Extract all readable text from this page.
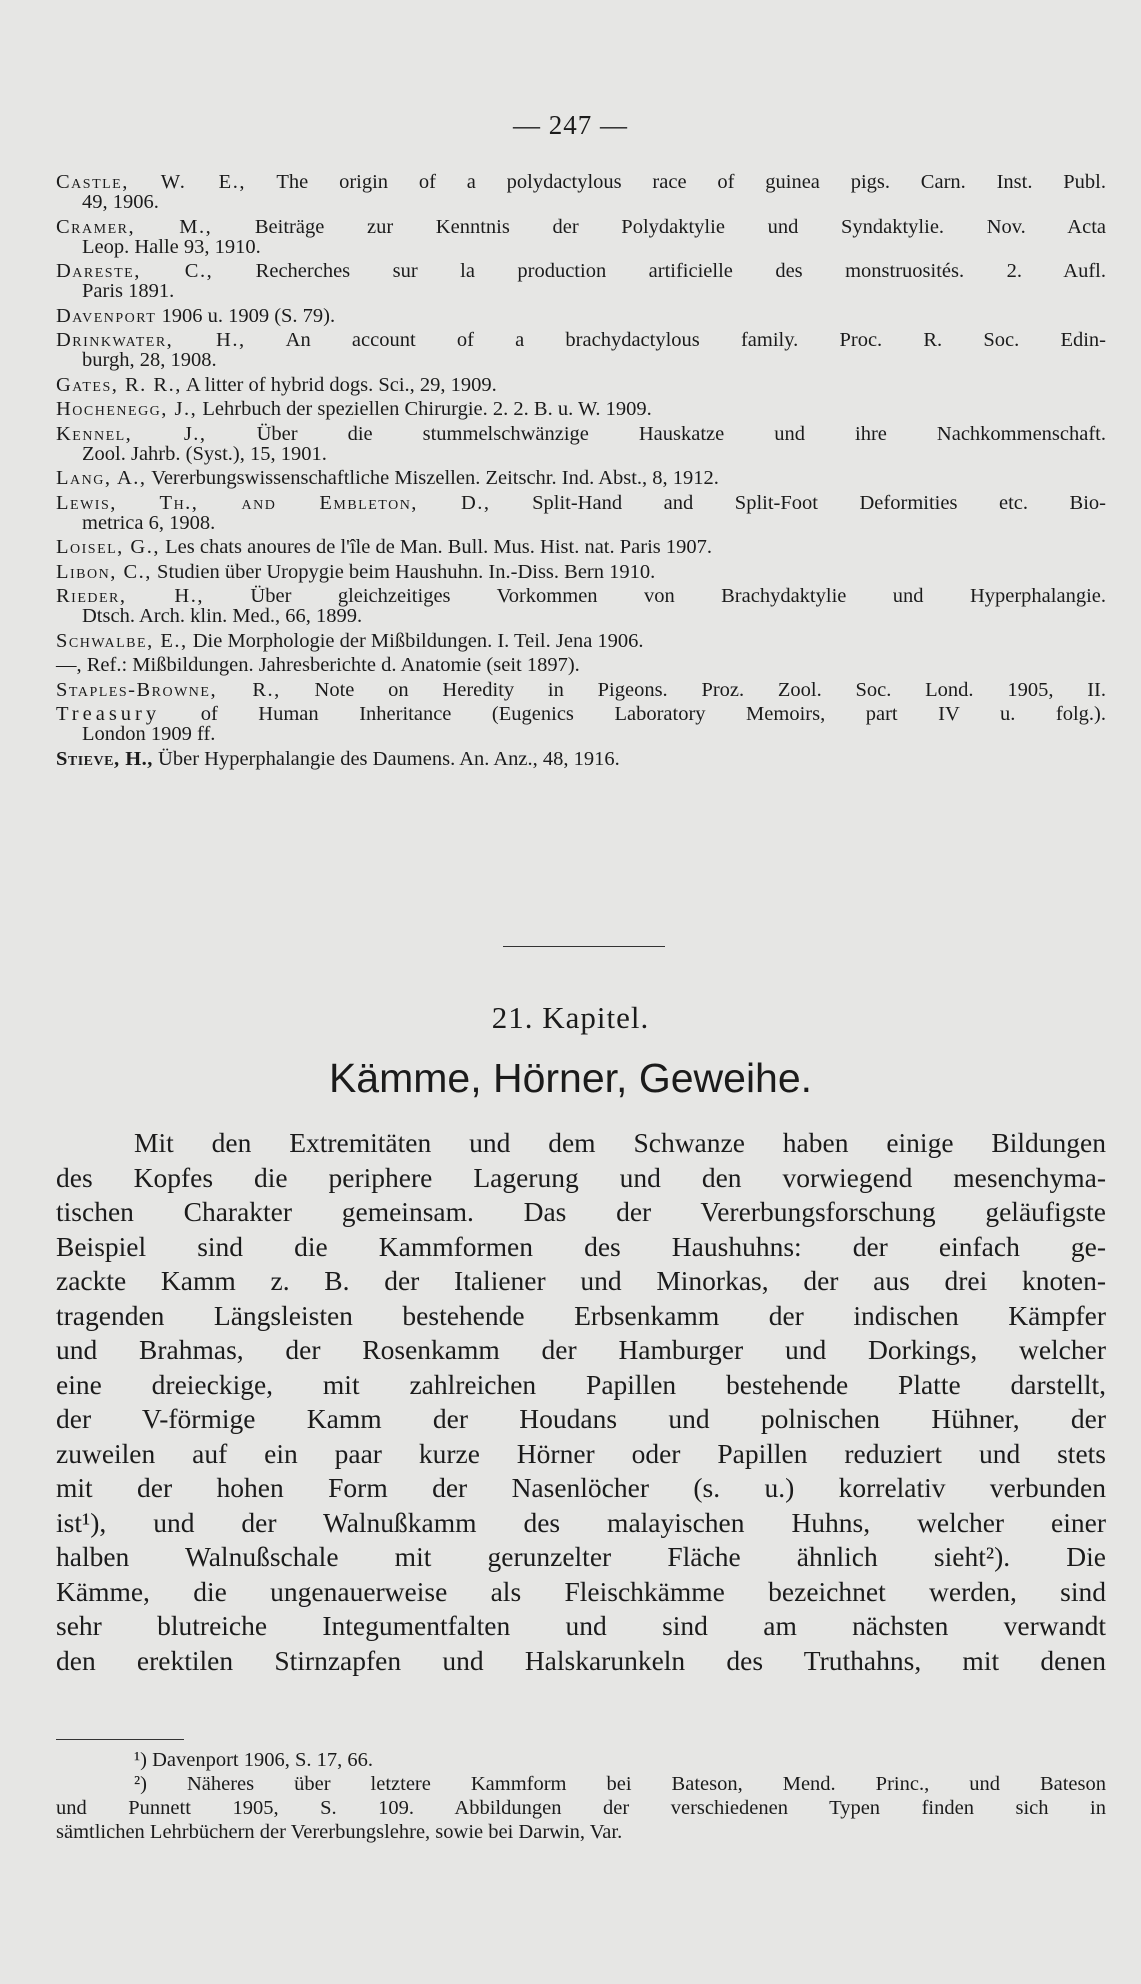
— 247 —
Castle, W. E., The origin of a polydactylous race of guinea pigs. Carn. Inst. Publ.
49, 1906.
Cramer, M., Beiträge zur Kenntnis der Polydaktylie und Syndaktylie. Nov. Acta
Leop. Halle 93, 1910.
Dareste, C., Recherches sur la production artificielle des monstruosités. 2. Aufl.
Paris 1891.
Davenport 1906 u. 1909 (S. 79).
Drinkwater, H., An account of a brachydactylous family. Proc. R. Soc. Edin-
burgh, 28, 1908.
Gates, R. R., A litter of hybrid dogs. Sci., 29, 1909.
Hochenegg, J., Lehrbuch der speziellen Chirurgie. 2. 2. B. u. W. 1909.
Kennel, J., Über die stummelschwänzige Hauskatze und ihre Nachkommenschaft.
Zool. Jahrb. (Syst.), 15, 1901.
Lang, A., Vererbungswissenschaftliche Miszellen. Zeitschr. Ind. Abst., 8, 1912.
Lewis, Th., and Embleton, D., Split-Hand and Split-Foot Deformities etc. Bio-
metrica 6, 1908.
Loisel, G., Les chats anoures de l'île de Man. Bull. Mus. Hist. nat. Paris 1907.
Libon, C., Studien über Uropygie beim Haushuhn. In.-Diss. Bern 1910.
Rieder, H., Über gleichzeitiges Vorkommen von Brachydaktylie und Hyperphalangie.
Dtsch. Arch. klin. Med., 66, 1899.
Schwalbe, E., Die Morphologie der Mißbildungen. I. Teil. Jena 1906.
—, Ref.: Mißbildungen. Jahresberichte d. Anatomie (seit 1897).
Staples-Browne, R., Note on Heredity in Pigeons. Proz. Zool. Soc. Lond. 1905, II.
Treasury of Human Inheritance (Eugenics Laboratory Memoirs, part IV u. folg.).
London 1909 ff.
Stieve, H., Über Hyperphalangie des Daumens. An. Anz., 48, 1916.
21. Kapitel.
Kämme, Hörner, Geweihe.
Mit den Extremitäten und dem Schwanze haben einige Bildungen
des Kopfes die periphere Lagerung und den vorwiegend mesenchyma-
tischen Charakter gemeinsam. Das der Vererbungsforschung geläufigste
Beispiel sind die Kammformen des Haushuhns: der einfach ge-
zackte Kamm z. B. der Italiener und Minorkas, der aus drei knoten-
tragenden Längsleisten bestehende Erbsenkamm der indischen Kämpfer
und Brahmas, der Rosenkamm der Hamburger und Dorkings, welcher
eine dreieckige, mit zahlreichen Papillen bestehende Platte darstellt,
der V-förmige Kamm der Houdans und polnischen Hühner, der
zuweilen auf ein paar kurze Hörner oder Papillen reduziert und stets
mit der hohen Form der Nasenlöcher (s. u.) korrelativ verbunden
ist¹), und der Walnußkamm des malayischen Huhns, welcher einer
halben Walnußschale mit gerunzelter Fläche ähnlich sieht²). Die
Kämme, die ungenauerweise als Fleischkämme bezeichnet werden, sind
sehr blutreiche Integumentfalten und sind am nächsten verwandt
den erektilen Stirnzapfen und Halskarunkeln des Truthahns, mit denen
¹) Davenport 1906, S. 17, 66.
²) Näheres über letztere Kammform bei Bateson, Mend. Princ., und Bateson
und Punnett 1905, S. 109. Abbildungen der verschiedenen Typen finden sich in
sämtlichen Lehrbüchern der Vererbungslehre, sowie bei Darwin, Var.
